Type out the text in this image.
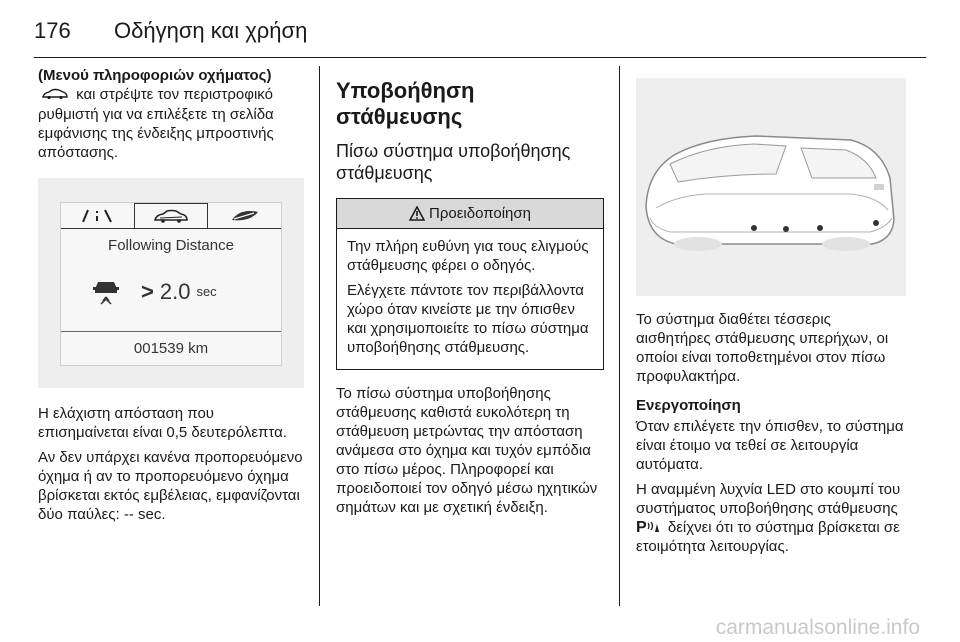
176	Οδήγηση και χρήση

(Μενού πληροφοριών οχήματος)  και στρέψτε τον περιστροφικό ρυθμιστή για να επιλέξετε τη σελίδα εμφάνισης της ένδειξης μπροστινής απόστασης.

Following Distance
> 2.0 sec
001539 km

Η ελάχιστη απόσταση που επισημαίνεται είναι 0,5 δευτερόλεπτα.

Αν δεν υπάρχει κανένα προπορευόμενο όχημα ή αν το προπορευόμενο όχημα βρίσκεται εκτός εμβέλειας, εμφανίζονται δύο παύλες: -- sec.

Υποβοήθηση στάθμευσης
Πίσω σύστημα υποβοήθησης στάθμευσης
Προειδοποίηση

Την πλήρη ευθύνη για τους ελιγμούς στάθμευσης φέρει ο οδηγός.

Ελέγχετε πάντοτε τον περιβάλλοντα χώρο όταν κινείστε με την όπισθεν και χρησιμοποιείτε το πίσω σύστημα υποβοήθησης στάθμευσης.

Το πίσω σύστημα υποβοήθησης στάθμευσης καθιστά ευκολότερη τη στάθμευση μετρώντας την απόσταση ανάμεσα στο όχημα και τυχόν εμπόδια στο πίσω μέρος. Πληροφορεί και προειδοποιεί τον οδηγό μέσω ηχητικών σημάτων και με σχετική ένδειξη.

Το σύστημα διαθέτει τέσσερις αισθητήρες στάθμευσης υπερήχων, οι οποίοι είναι τοποθετημένοι στον πίσω προφυλακτήρα.

Ενεργοποίηση

Όταν επιλέγετε την όπισθεν, το σύστημα είναι έτοιμο να τεθεί σε λειτουργία αυτόματα.

Η αναμμένη λυχνία LED στο κουμπί του συστήματος υποβοήθησης στάθμευσης P δείχνει ότι το σύστημα βρίσκεται σε ετοιμότητα λειτουργίας.

carmanualsonline.info
